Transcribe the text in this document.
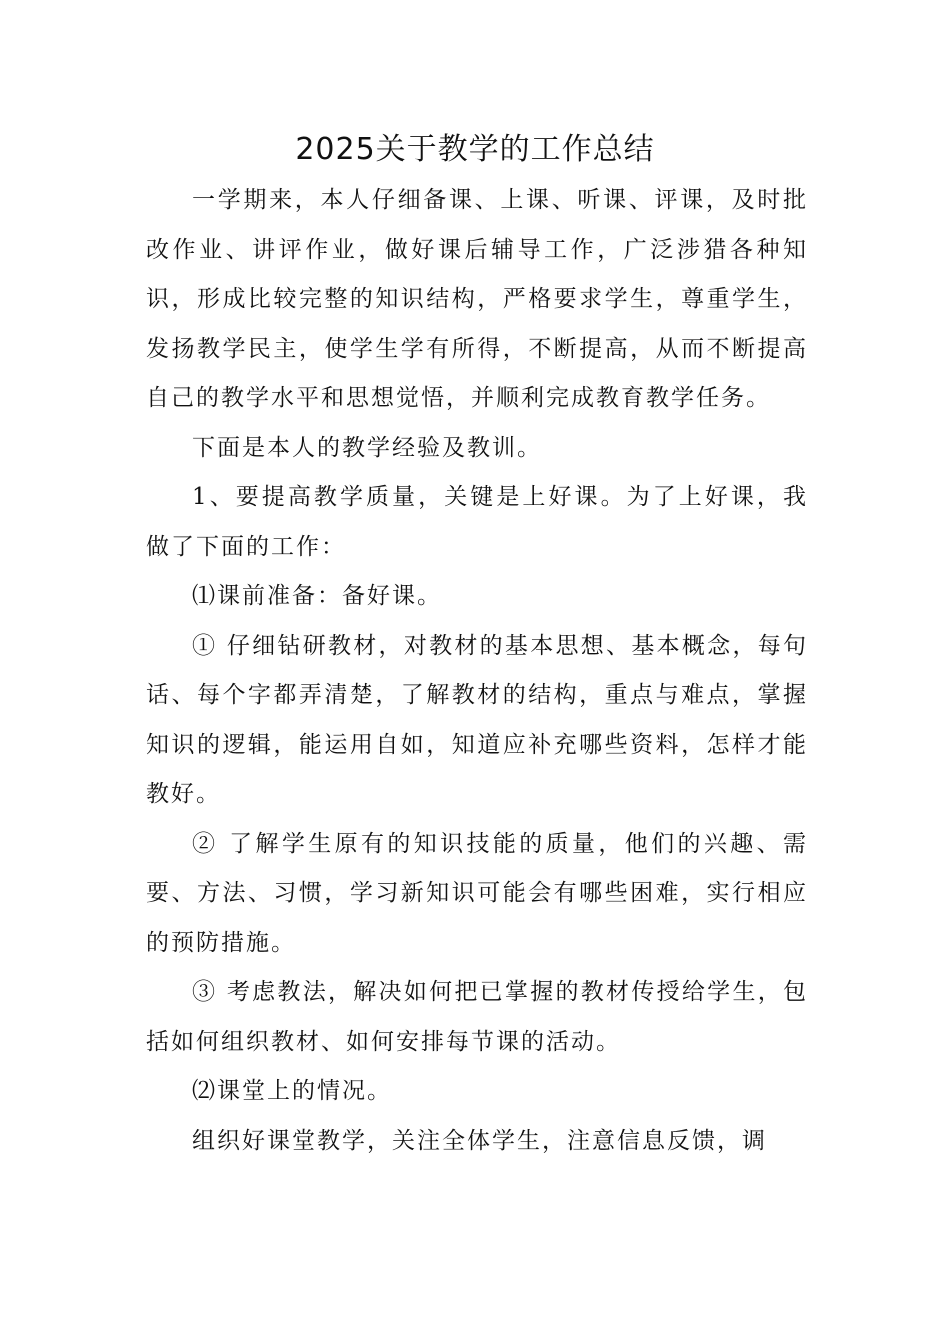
2025关于教学的工作总结

一学期来，本人仔细备课、上课、听课、评课，及时批改作业、讲评作业，做好课后辅导工作，广泛涉猎各种知识，形成比较完整的知识结构，严格要求学生，尊重学生，发扬教学民主，使学生学有所得，不断提高，从而不断提高自己的教学水平和思想觉悟，并顺利完成教育教学任务。

下面是本人的教学经验及教训。

1、要提高教学质量，关键是上好课。为了上好课，我做了下面的工作：

⑴课前准备：备好课。

① 仔细钻研教材，对教材的基本思想、基本概念，每句话、每个字都弄清楚，了解教材的结构，重点与难点，掌握知识的逻辑，能运用自如，知道应补充哪些资料，怎样才能教好。

② 了解学生原有的知识技能的质量，他们的兴趣、需要、方法、习惯，学习新知识可能会有哪些困难，实行相应的预防措施。

③ 考虑教法，解决如何把已掌握的教材传授给学生，包括如何组织教材、如何安排每节课的活动。

⑵课堂上的情况。

组织好课堂教学，关注全体学生，注意信息反馈，调
